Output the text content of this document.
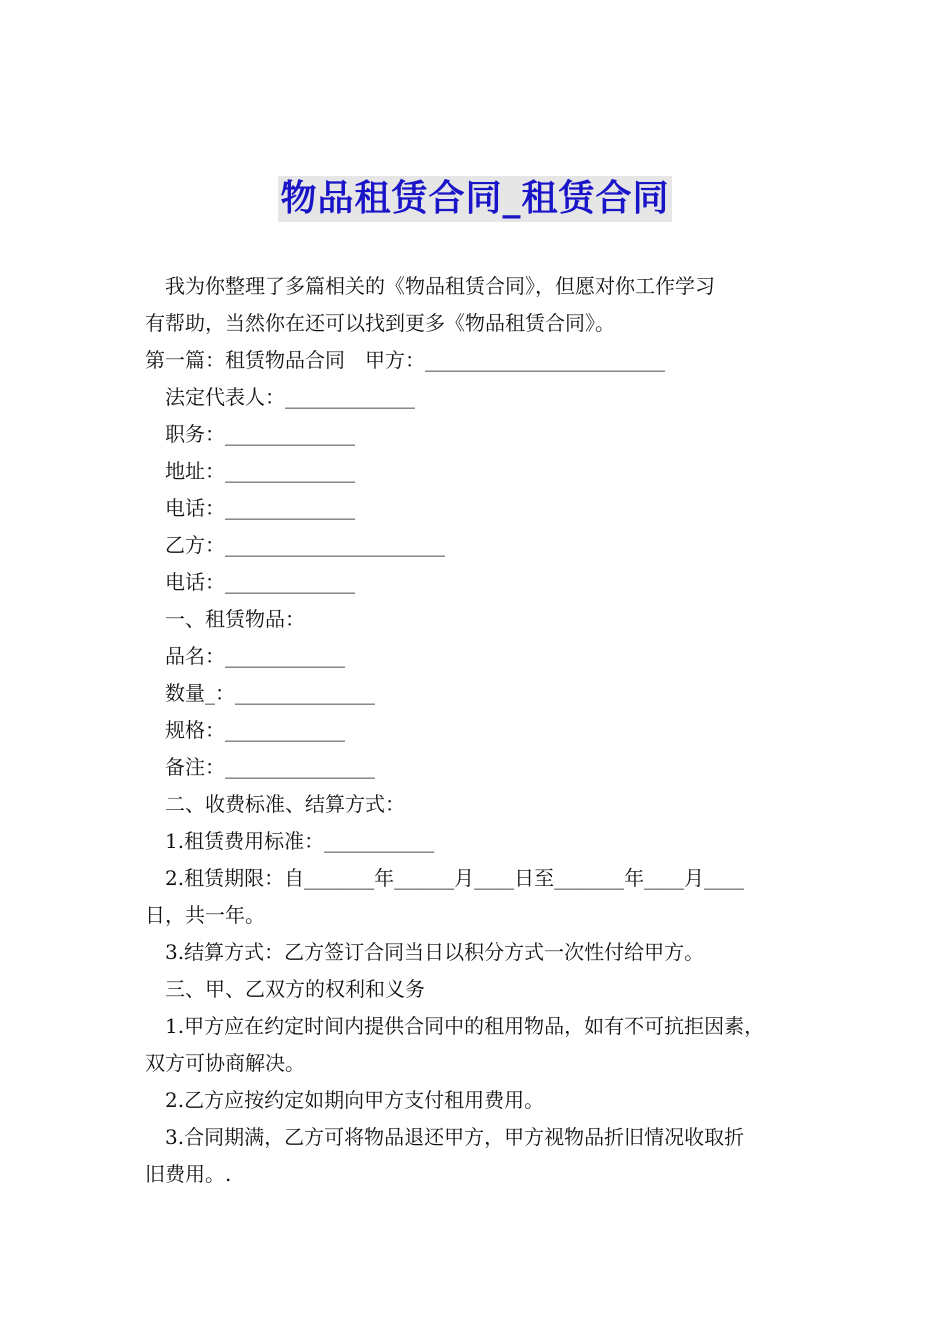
物品租赁合同_租赁合同
我为你整理了多篇相关的《物品租赁合同》，但愿对你工作学习
有帮助，当然你在还可以找到更多《物品租赁合同》。
第一篇：租赁物品合同　甲方：________________________
法定代表人：_____________
职务：_____________
地址：_____________
电话：_____________
乙方：______________________
电话：_____________
一、租赁物品：
品名：____________
数量_：______________
规格：____________
备注：_______________
二、收费标准、结算方式：
1.租赁费用标准：___________
2.租赁期限：自_______年______月____日至_______年____月____
日，共一年。
3.结算方式：乙方签订合同当日以积分方式一次性付给甲方。
三、甲、乙双方的权利和义务
1.甲方应在约定时间内提供合同中的租用物品，如有不可抗拒因素，
双方可协商解决。
2.乙方应按约定如期向甲方支付租用费用。
3.合同期满，乙方可将物品退还甲方，甲方视物品折旧情况收取折
旧费用。.
